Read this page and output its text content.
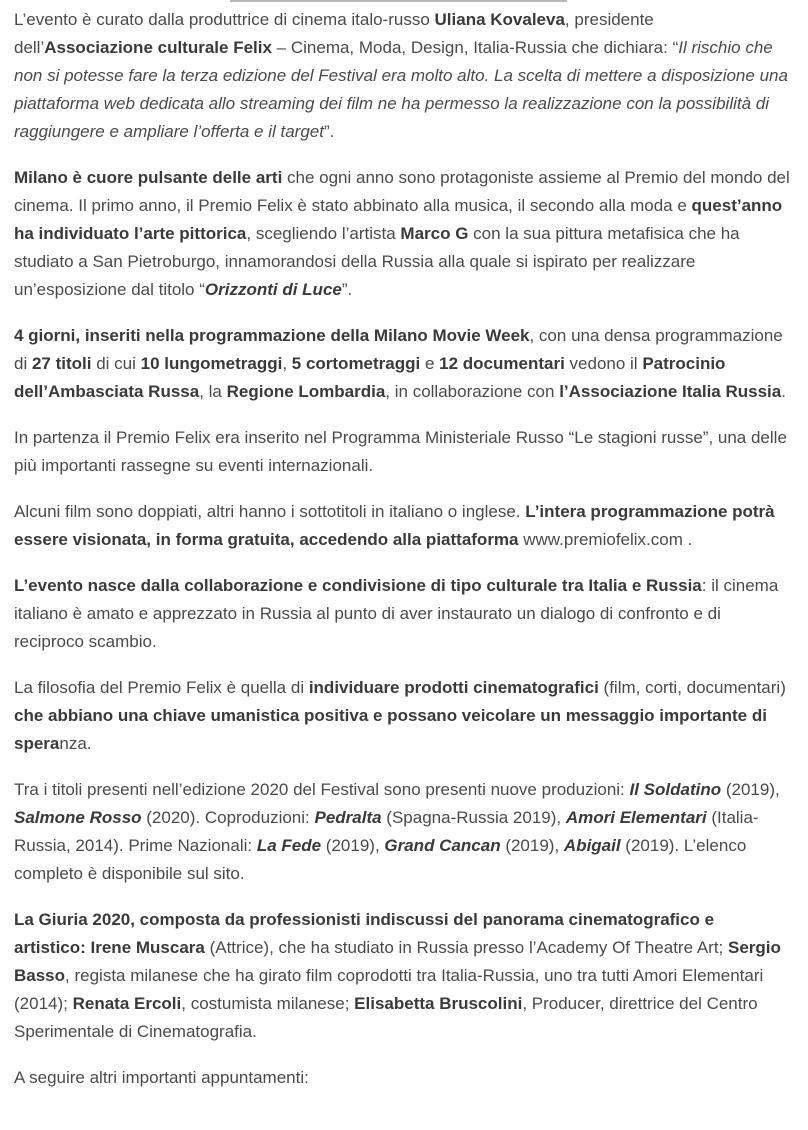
L’evento è curato dalla produttrice di cinema italo-russo Uliana Kovaleva, presidente dell’Associazione culturale Felix – Cinema, Moda, Design, Italia-Russia che dichiara: “Il rischio che non si potesse fare la terza edizione del Festival era molto alto. La scelta di mettere a disposizione una piattaforma web dedicata allo streaming dei film ne ha permesso la realizzazione con la possibilità di raggiungere e ampliare l’offerta e il target”.

Milano è cuore pulsante delle arti che ogni anno sono protagoniste assieme al Premio del mondo del cinema. Il primo anno, il Premio Felix è stato abbinato alla musica, il secondo alla moda e quest’anno ha individuato l’arte pittorica, scegliendo l’artista Marco G con la sua pittura metafisica che ha studiato a San Pietroburgo, innamorandosi della Russia alla quale si ispirato per realizzare un’esposizione dal titolo “Orizzonti di Luce”.

4 giorni, inseriti nella programmazione della Milano Movie Week, con una densa programmazione di 27 titoli di cui 10 lungometraggi, 5 cortometraggi e 12 documentari vedono il Patrocinio dell’Ambasciata Russa, la Regione Lombardia, in collaborazione con l’Associazione Italia Russia.

In partenza il Premio Felix era inserito nel Programma Ministeriale Russo “Le stagioni russe”, una delle più importanti rassegne su eventi internazionali.

Alcuni film sono doppiati, altri hanno i sottotitoli in italiano o inglese. L’intera programmazione potrà essere visionata, in forma gratuita, accedendo alla piattaforma www.premiofelix.com .

L’evento nasce dalla collaborazione e condivisione di tipo culturale tra Italia e Russia: il cinema italiano è amato e apprezzato in Russia al punto di aver instaurato un dialogo di confronto e di reciproco scambio.

La filosofia del Premio Felix è quella di individuare prodotti cinematografici (film, corti, documentari) che abbiano una chiave umanistica positiva e possano veicolare un messaggio importante di speranza.

Tra i titoli presenti nell’edizione 2020 del Festival sono presenti nuove produzioni: Il Soldatino (2019), Salmone Rosso (2020). Coproduzioni: Pedralta (Spagna-Russia 2019), Amori Elementari (Italia-Russia, 2014). Prime Nazionali: La Fede (2019), Grand Cancan (2019), Abigail (2019). L’elenco completo è disponibile sul sito.

La Giuria 2020, composta da professionisti indiscussi del panorama cinematografico e artistico: Irene Muscara (Attrice), che ha studiato in Russia presso l’Academy Of Theatre Art; Sergio Basso, regista milanese che ha girato film coprodotti tra Italia-Russia, uno tra tutti Amori Elementari (2014); Renata Ercoli, costumista milanese; Elisabetta Bruscolini, Producer, direttrice del Centro Sperimentale di Cinematografia.

A seguire altri importanti appuntamenti:
